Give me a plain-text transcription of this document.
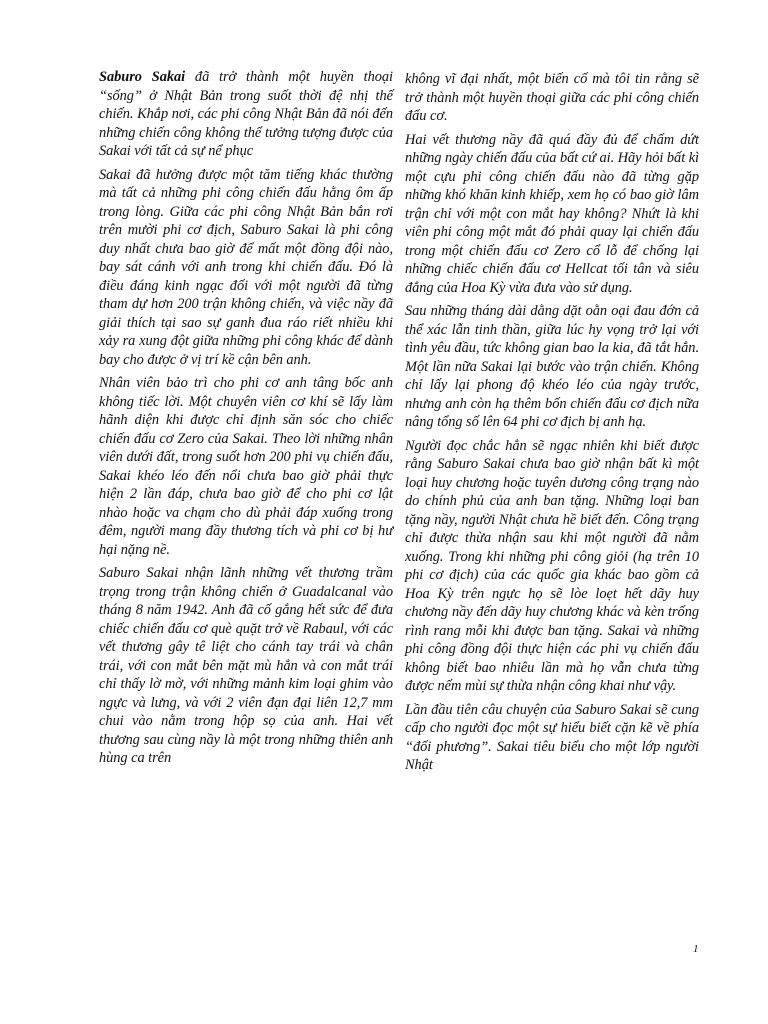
Saburo Sakai đã trở thành một huyền thoại “sống” ở Nhật Bản trong suốt thời đệ nhị thế chiến. Khắp nơi, các phi công Nhật Bản đã nói đến những chiến công không thể tưởng tượng được của Sakai với tất cả sự nể phục

Sakai đã hưởng được một tăm tiếng khác thường mà tất cả những phi công chiến đấu hằng ôm ấp trong lòng. Giữa các phi công Nhật Bản bắn rơi trên mười phi cơ địch, Saburo Sakai là phi công duy nhất chưa bao giờ để mất một đồng đội nào, bay sát cánh với anh trong khi chiến đấu. Đó là điều đáng kinh ngạc đối với một người đã từng tham dự hơn 200 trận không chiến, và việc nầy đã giải thích tại sao sự ganh đua ráo riết nhiều khi xảy ra xung đột giữa những phi công khác để dành bay cho được ở vị trí kề cận bên anh.

Nhân viên bảo trì cho phi cơ anh tâng bốc anh không tiếc lời. Một chuyên viên cơ khí sẽ lấy làm hãnh diện khi được chỉ định săn sóc cho chiếc chiến đấu cơ Zero của Sakai. Theo lời những nhân viên dưới đất, trong suốt hơn 200 phi vụ chiến đấu, Sakai khéo léo đến nổi chưa bao giờ phải thực hiện 2 lần đáp, chưa bao giờ để cho phi cơ lật nhào hoặc va chạm cho dù phải đáp xuống trong đêm, người mang đầy thương tích và phi cơ bị hư hại nặng nề.

Saburo Sakai nhận lãnh những vết thương trầm trọng trong trận không chiến ở Guadalcanal vào tháng 8 năm 1942. Anh đã cố gắng hết sức để đưa chiếc chiến đấu cơ què quặt trở về Rabaul, với các vết thương gây tê liệt cho cánh tay trái và chân trái, với con mắt bên mặt mù hẳn và con mắt trái chỉ thấy lờ mờ, với những mảnh kim loại ghim vào ngực và lưng, và với 2 viên đạn đại liên 12,7 mm chui vào nằm trong hộp sọ của anh. Hai vết thương sau cùng nầy là một trong những thiên anh hùng ca trên

không vĩ đại nhất, một biến cố mà tôi tin rằng sẽ trở thành một huyền thoại giữa các phi công chiến đấu cơ.

Hai vết thương nầy đã quá đầy đủ để chấm dứt những ngày chiến đấu của bất cứ ai. Hãy hỏi bất kì một cựu phi công chiến đấu nào đã từng gặp những khó khăn kinh khiếp, xem họ có bao giờ lâm trận chỉ với một con mắt hay không? Nhứt là khi viên phi công một mắt đó phải quay lại chiến đấu trong một chiến đấu cơ Zero cổ lỗ để chống lại những chiếc chiến đấu cơ Hellcat tối tân và siêu đẳng của Hoa Kỳ vừa đưa vào sử dụng.

Sau những tháng dài dằng dặt oằn oại đau đớn cả thể xác lẫn tinh thần, giữa lúc hy vọng trở lại với tình yêu đầu, tức không gian bao la kia, đã tắt hẳn. Một lần nữa Sakai lại bước vào trận chiến. Không chỉ lấy lại phong độ khéo léo của ngày trước, nhưng anh còn hạ thêm bốn chiến đấu cơ địch nữa nâng tổng số lên 64 phi cơ địch bị anh hạ.

Người đọc chắc hẳn sẽ ngạc nhiên khi biết được rằng Saburo Sakai chưa bao giờ nhận bất kì một loại huy chương hoặc tuyên dương công trạng nào do chính phủ của anh ban tặng. Những loại ban tặng nầy, người Nhật chưa hề biết đến. Công trạng chỉ được thừa nhận sau khi một người đã nằm xuống. Trong khi những phi công giỏi (hạ trên 10 phi cơ địch) của các quốc gia khác bao gồm cả Hoa Kỳ trên ngực họ sẽ lòe loẹt hết dãy huy chương nầy đến dãy huy chương khác và kèn trống rình rang mỗi khi được ban tặng. Sakai và những phi công đồng đội thực hiện các phi vụ chiến đấu không biết bao nhiêu lần mà họ vẫn chưa từng được nếm mùi sự thừa nhận công khai như vậy.

Lần đầu tiên câu chuyện của Saburo Sakai sẽ cung cấp cho người đọc một sự hiểu biết cặn kẽ về phía “đối phương”. Sakai tiêu biểu cho một lớp người Nhật

1
